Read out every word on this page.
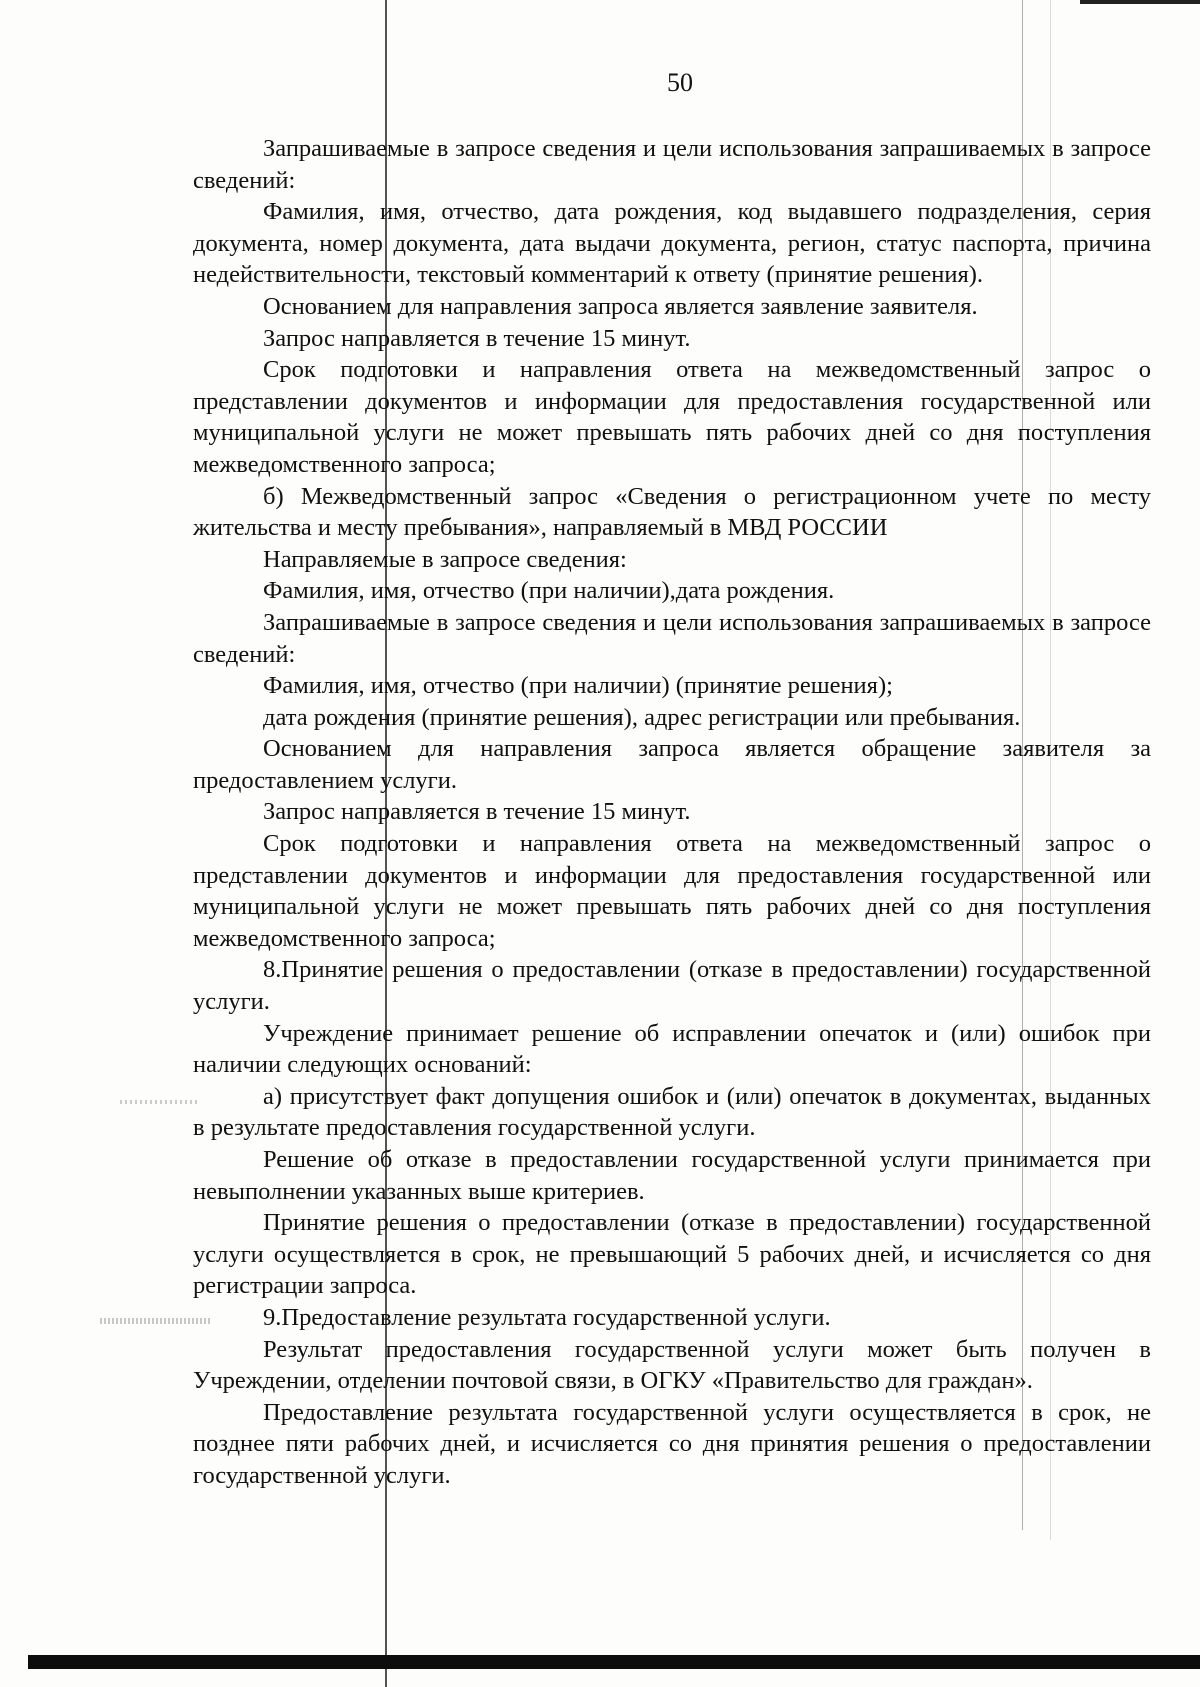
50

Запрашиваемые в запросе сведения и цели использования запрашиваемых в запросе сведений:

Фамилия, имя, отчество, дата рождения, код выдавшего подразделения, серия документа, номер документа, дата выдачи документа, регион, статус паспорта, причина недействительности, текстовый комментарий к ответу (принятие решения).

Основанием для направления запроса является заявление заявителя.

Запрос направляется в течение 15 минут.

Срок подготовки и направления ответа на межведомственный запрос о представлении документов и информации для предоставления государственной или муниципальной услуги не может превышать пять рабочих дней со дня поступления межведомственного запроса;

б) Межведомственный запрос «Сведения о регистрационном учете по месту жительства и месту пребывания», направляемый в МВД РОССИИ

Направляемые в запросе сведения:

Фамилия, имя, отчество (при наличии),дата рождения.

Запрашиваемые в запросе сведения и цели использования запрашиваемых в запросе сведений:

Фамилия, имя, отчество (при наличии) (принятие решения);

дата рождения (принятие решения), адрес регистрации или пребывания.

Основанием для направления запроса является обращение заявителя за предоставлением услуги.

Запрос направляется в течение 15 минут.

Срок подготовки и направления ответа на межведомственный запрос о представлении документов и информации для предоставления государственной или муниципальной услуги не может превышать пять рабочих дней со дня поступления межведомственного запроса;

8.Принятие решения о предоставлении (отказе в предоставлении) государственной услуги.

Учреждение принимает решение об исправлении опечаток и (или) ошибок при наличии следующих оснований:

а) присутствует факт допущения ошибок и (или) опечаток в документах, выданных в результате предоставления государственной услуги.

Решение об отказе в предоставлении государственной услуги принимается при невыполнении указанных выше критериев.

Принятие решения о предоставлении (отказе в предоставлении) государственной услуги осуществляется в срок, не превышающий 5 рабочих дней, и исчисляется со дня регистрации запроса.

9.Предоставление результата государственной услуги.

Результат предоставления государственной услуги может быть получен в Учреждении, отделении почтовой связи, в ОГКУ «Правительство для граждан».

Предоставление результата государственной услуги осуществляется в срок, не позднее пяти рабочих дней, и исчисляется со дня принятия решения о предоставлении государственной услуги.
